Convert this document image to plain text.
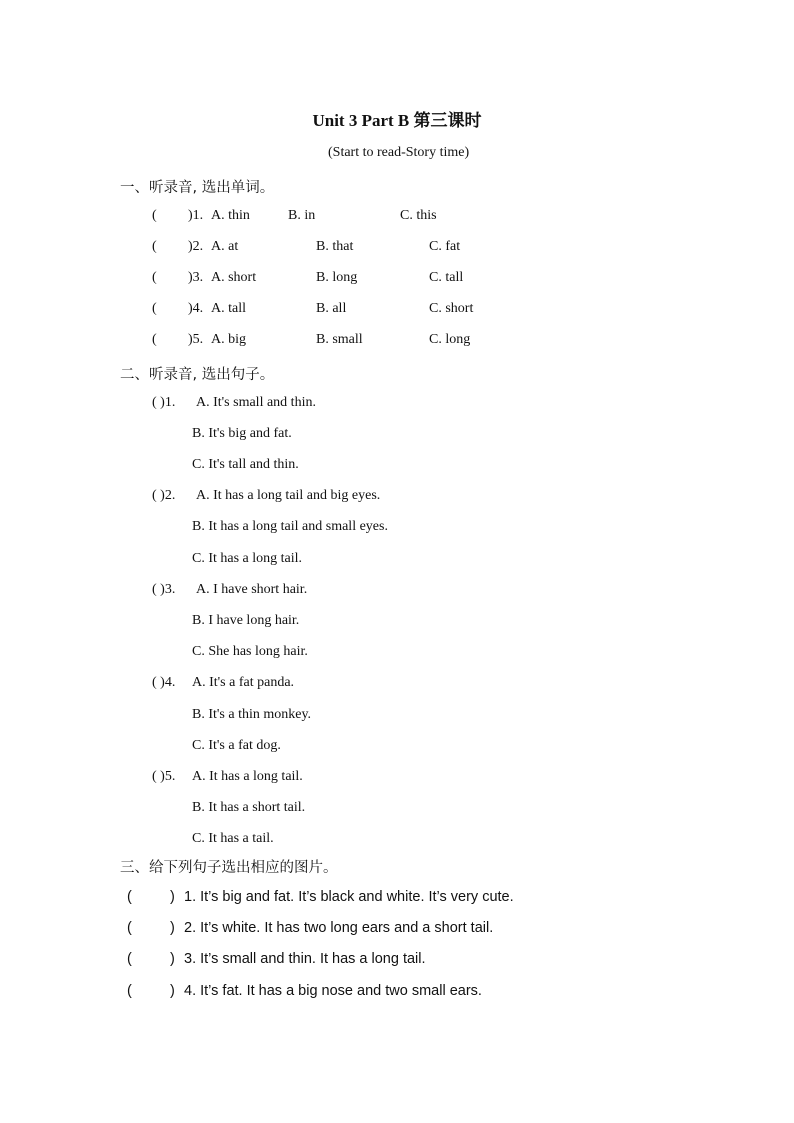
Unit 3 Part B 第三课时
(Start to read-Story time)
一、听录音, 选出单词。
( )1. A. thin	B. in	C. this
( )2. A. at	B. that	C. fat
( )3. A. short	B. long	C. tall
( )4. A. tall	B. all	C. short
( )5. A. big	B. small	C. long
二、听录音, 选出句子。
( )1. A. It's small and thin.
B. It's big and fat.
C. It's tall and thin.
( )2. A. It has a long tail and big eyes.
B. It has a long tail and small eyes.
C. It has a long tail.
( )3. A. I have short hair.
B. I have long hair.
C. She has long hair.
( )4. A. It's a fat panda.
B. It's a thin monkey.
C. It's a fat dog.
( )5. A. It has a long tail.
B. It has a short tail.
C. It has a tail.
三、给下列句子选出相应的图片。
(	) 1. It’s big and fat. It’s black and white. It’s very cute.
(	) 2. It’s white. It has two long ears and a short tail.
(	) 3. It’s small and thin. It has a long tail.
(	) 4. It’s fat. It has a big nose and two small ears.
